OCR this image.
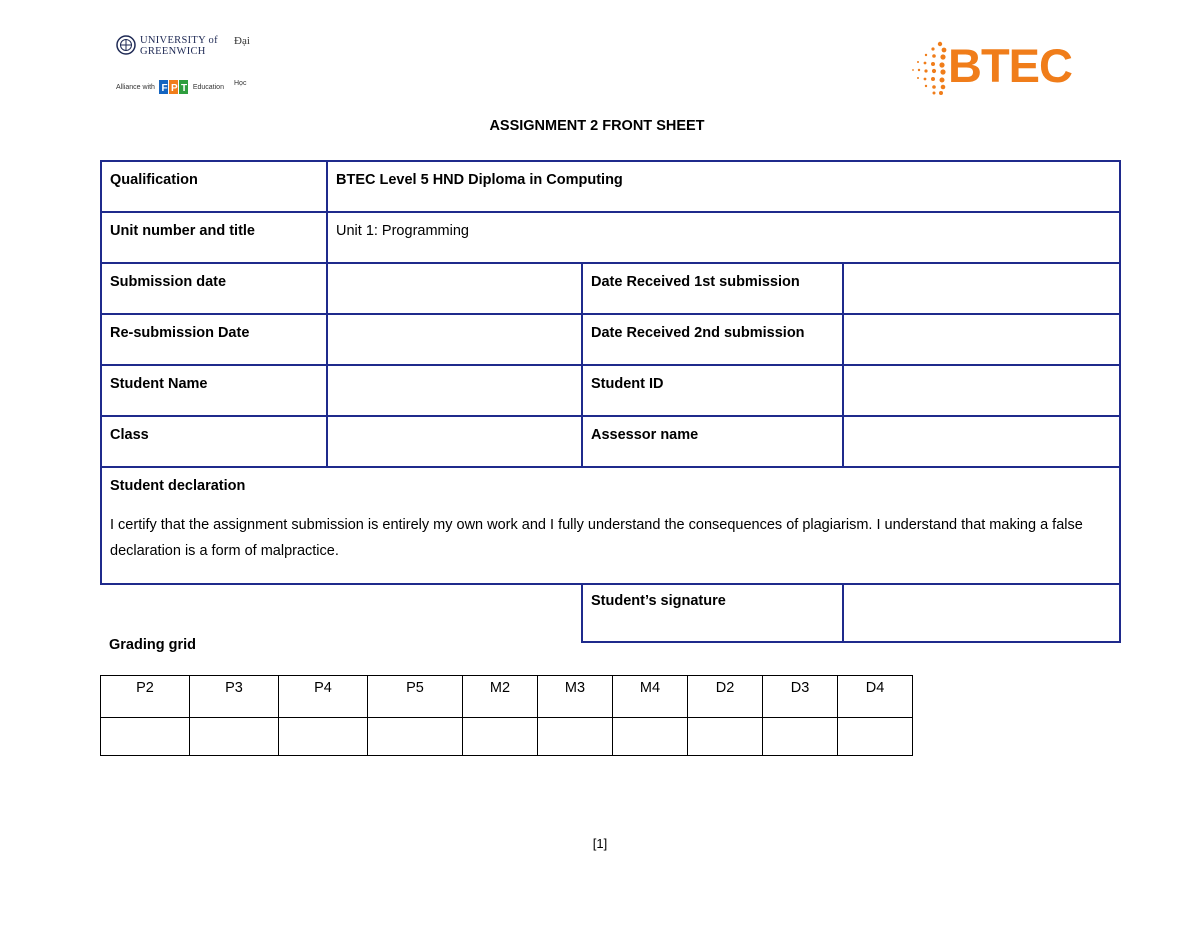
UNIVERSITY of
GREENWICH
Đại
Alliance with F P T Education
Học	BTEC
ASSIGNMENT 2 FRONT SHEET
Qualification	BTEC Level 5 HND Diploma in Computing		
Unit number and title	Unit 1: Programming		
Submission date		Date Received 1st submission	
Re-submission Date		Date Received 2nd submission	
Student Name		Student ID	
Class		Assessor name	

Student declaration
I certify that the assignment submission is entirely my own work and I fully understand the consequences of plagiarism. I understand that making a false declaration is a form of malpractice.			
Student’s signature	
Grading grid
P2	P3	P4	P5	M2	M3	M4	D2	D3	D4

[1]
